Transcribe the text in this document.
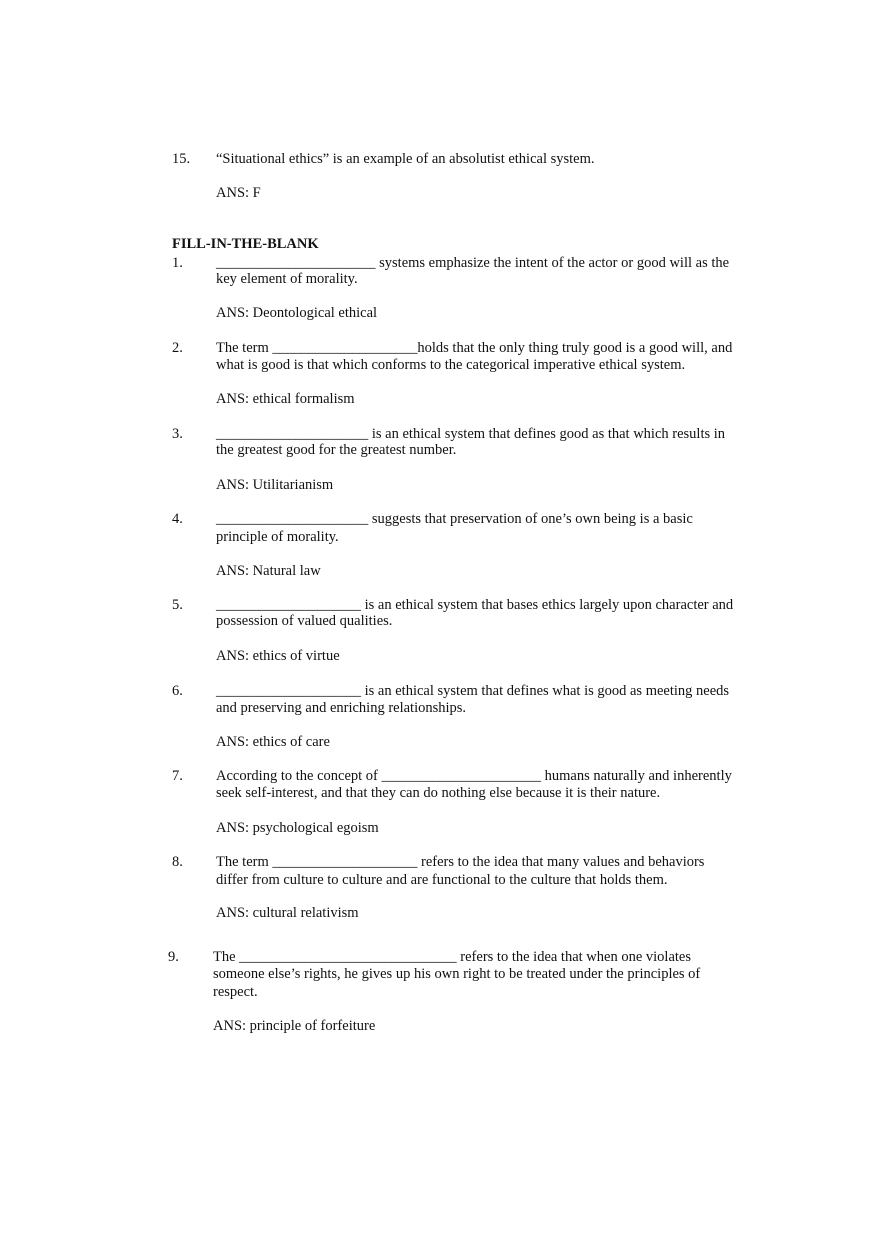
15.	“Situational ethics” is an example of an absolutist ethical system.
ANS: F
FILL-IN-THE-BLANK
1.	______________________ systems emphasize the intent of the actor or good will as the
key element of morality.
ANS: Deontological ethical
2.	The term ____________________holds that the only thing truly good is a good will, and
what is good is that which conforms to the categorical imperative ethical system.
ANS: ethical formalism
3.	_____________________ is an ethical system that defines good as that which results in
the greatest good for the greatest number.
ANS: Utilitarianism
4.	_____________________ suggests that preservation of one’s own being is a basic
principle of morality.
ANS: Natural law
5.	____________________ is an ethical system that bases ethics largely upon character and
possession of valued qualities.
ANS: ethics of virtue
6.	____________________ is an ethical system that defines what is good as meeting needs
and preserving and enriching relationships.
ANS: ethics of care
7.	According to the concept of ______________________ humans naturally and inherently
seek self-interest, and that they can do nothing else because it is their nature.
ANS: psychological egoism
8.	The term ____________________ refers to the idea that many values and behaviors
differ from culture to culture and are functional to the culture that holds them.
ANS: cultural relativism
9.	The ______________________________ refers to the idea that when one violates
someone else’s rights, he gives up his own right to be treated under the principles of
respect.
ANS: principle of forfeiture
